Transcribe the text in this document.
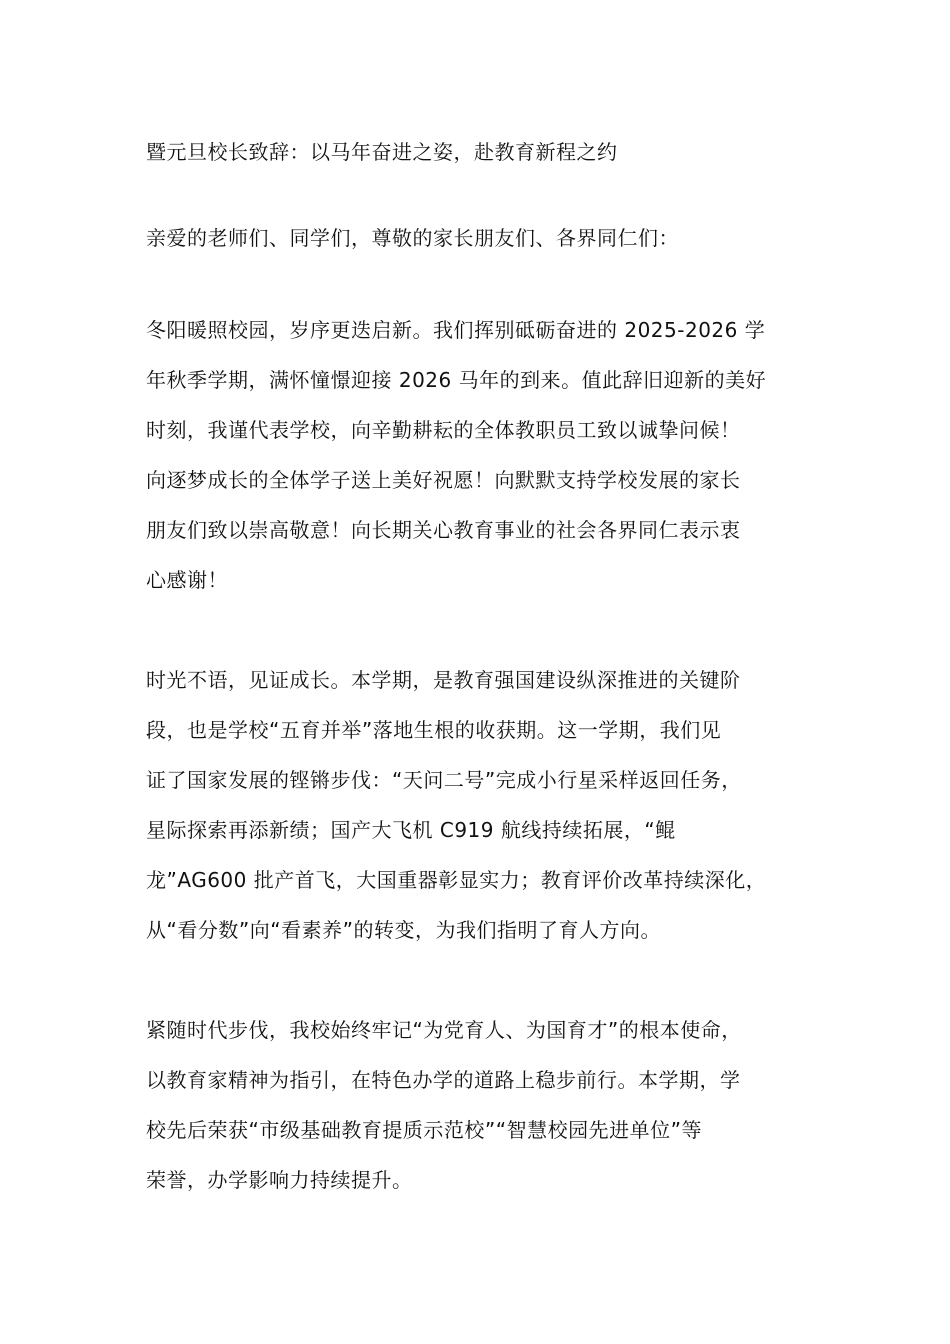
暨元旦校长致辞：以马年奋进之姿，赴教育新程之约

亲爱的老师们、同学们，尊敬的家长朋友们、各界同仁们：

冬阳暖照校园，岁序更迭启新。我们挥别砥砺奋进的 2025-2026 学
年秋季学期，满怀憧憬迎接 2026 马年的到来。值此辞旧迎新的美好
时刻，我谨代表学校，向辛勤耕耘的全体教职员工致以诚挚问候！
向逐梦成长的全体学子送上美好祝愿！向默默支持学校发展的家长
朋友们致以崇高敬意！向长期关心教育事业的社会各界同仁表示衷
心感谢！

时光不语，见证成长。本学期，是教育强国建设纵深推进的关键阶
段，也是学校“五育并举”落地生根的收获期。这一学期，我们见
证了国家发展的铿锵步伐：“天问二号”完成小行星采样返回任务，
星际探索再添新绩；国产大飞机 C919 航线持续拓展，“鲲
龙”AG600 批产首飞，大国重器彰显实力；教育评价改革持续深化，
从“看分数”向“看素养”的转变，为我们指明了育人方向。

紧随时代步伐，我校始终牢记“为党育人、为国育才”的根本使命，
以教育家精神为指引，在特色办学的道路上稳步前行。本学期，学
校先后荣获“市级基础教育提质示范校”“智慧校园先进单位”等
荣誉，办学影响力持续提升。
